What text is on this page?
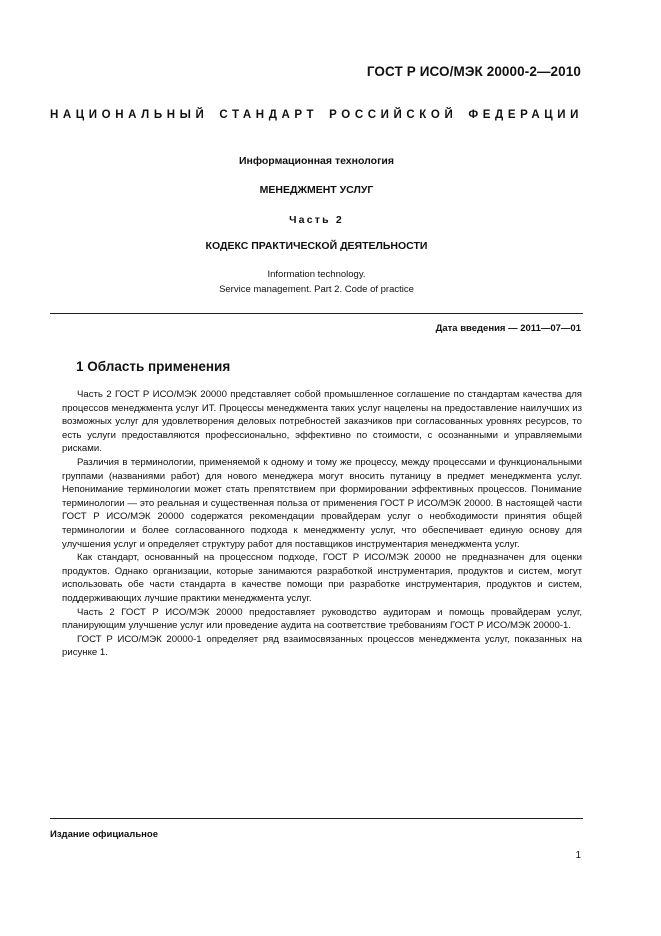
ГОСТ Р ИСО/МЭК 20000-2—2010
НАЦИОНАЛЬНЫЙ СТАНДАРТ РОССИЙСКОЙ ФЕДЕРАЦИИ
Информационная технология
МЕНЕДЖМЕНТ УСЛУГ
Часть 2
КОДЕКС ПРАКТИЧЕСКОЙ ДЕЯТЕЛЬНОСТИ
Information technology.
Service management. Part 2. Code of practice
Дата введения — 2011—07—01
1 Область применения

Часть 2 ГОСТ Р ИСО/МЭК 20000 представляет собой промышленное соглашение по стандартам качества для процессов менеджмента услуг ИТ. Процессы менеджмента таких услуг нацелены на предоставление наилучших из возможных услуг для удовлетворения деловых потребностей заказчиков при согласованных уровнях ресурсов, то есть услуги предоставляются профессионально, эффективно по стоимости, с осознанными и управляемыми рисками.

Различия в терминологии, применяемой к одному и тому же процессу, между процессами и функциональными группами (названиями работ) для нового менеджера могут вносить путаницу в предмет менеджмента услуг. Непонимание терминологии может стать препятствием при формировании эффективных процессов. Понимание терминологии — это реальная и существенная польза от применения ГОСТ Р ИСО/МЭК 20000. В настоящей части ГОСТ Р ИСО/МЭК 20000 содержатся рекомендации провайдерам услуг о необходимости принятия общей терминологии и более согласованного подхода к менеджменту услуг, что обеспечивает единую основу для улучшения услуг и определяет структуру работ для поставщиков инструментария менеджмента услуг.

Как стандарт, основанный на процессном подходе, ГОСТ Р ИСО/МЭК 20000 не предназначен для оценки продуктов. Однако организации, которые занимаются разработкой инструментария, продуктов и систем, могут использовать обе части стандарта в качестве помощи при разработке инструментария, продуктов и систем, поддерживающих лучшие практики менеджмента услуг.

Часть 2 ГОСТ Р ИСО/МЭК 20000 предоставляет руководство аудиторам и помощь провайдерам услуг, планирующим улучшение услуг или проведение аудита на соответствие требованиям ГОСТ Р ИСО/МЭК 20000-1.

ГОСТ Р ИСО/МЭК 20000-1 определяет ряд взаимосвязанных процессов менеджмента услуг, показанных на рисунке 1.

Издание официальное
1
